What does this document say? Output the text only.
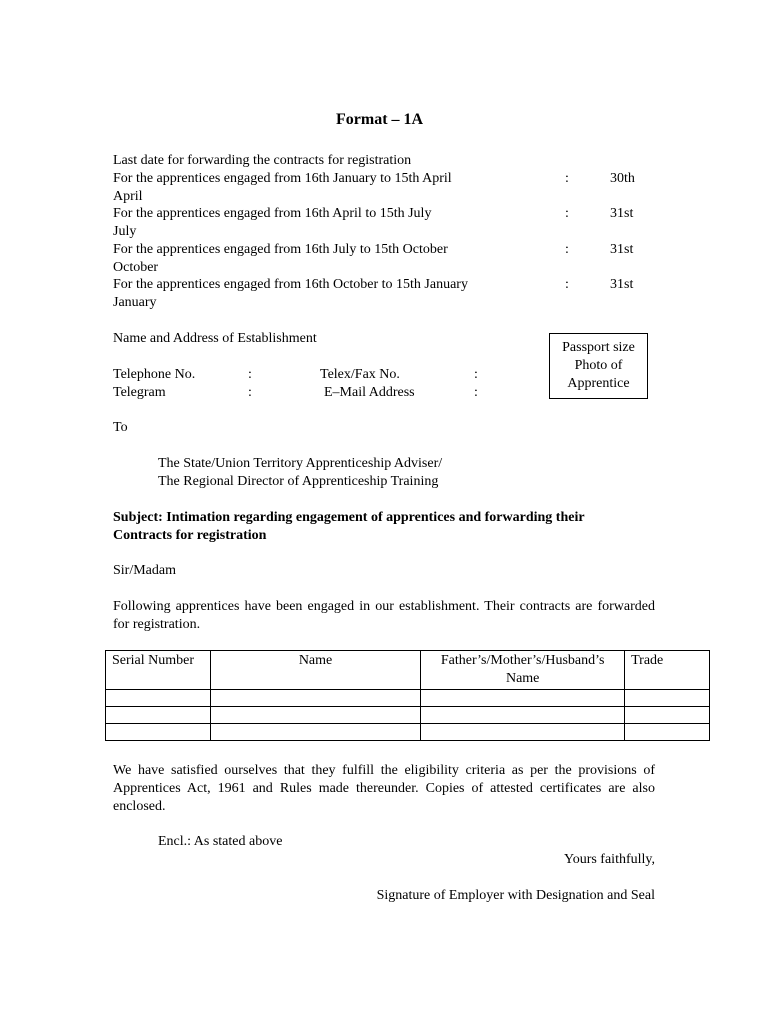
Format – 1A
Last date for forwarding the contracts for registration
For the apprentices engaged from 16th January to 15th April	:	30th
April
For the apprentices engaged from 16th April to 15th July	:	31st
July
For the apprentices engaged from 16th July to 15th October	:	31st
October
For the apprentices engaged from 16th October to 15th January	:	31st
January
Name and Address of Establishment
Telephone No.	:	Telex/Fax No.	:
Telegram	:	E–Mail Address	:
Passport size
Photo of
Apprentice
To
The State/Union Territory Apprenticeship Adviser/
The Regional Director of Apprenticeship Training
Subject: Intimation regarding engagement of apprentices and forwarding their
Contracts for registration
Sir/Madam
Following apprentices have been engaged in our establishment. Their contracts are forwarded for registration.
Serial Number	Name	Father’s/Mother’s/Husband’s Name	Trade

We have satisfied ourselves that they fulfill the eligibility criteria as per the provisions of Apprentices Act, 1961 and Rules made thereunder. Copies of attested certificates are also enclosed.
Encl.: As stated above
Yours faithfully,
Signature of Employer with Designation and Seal
